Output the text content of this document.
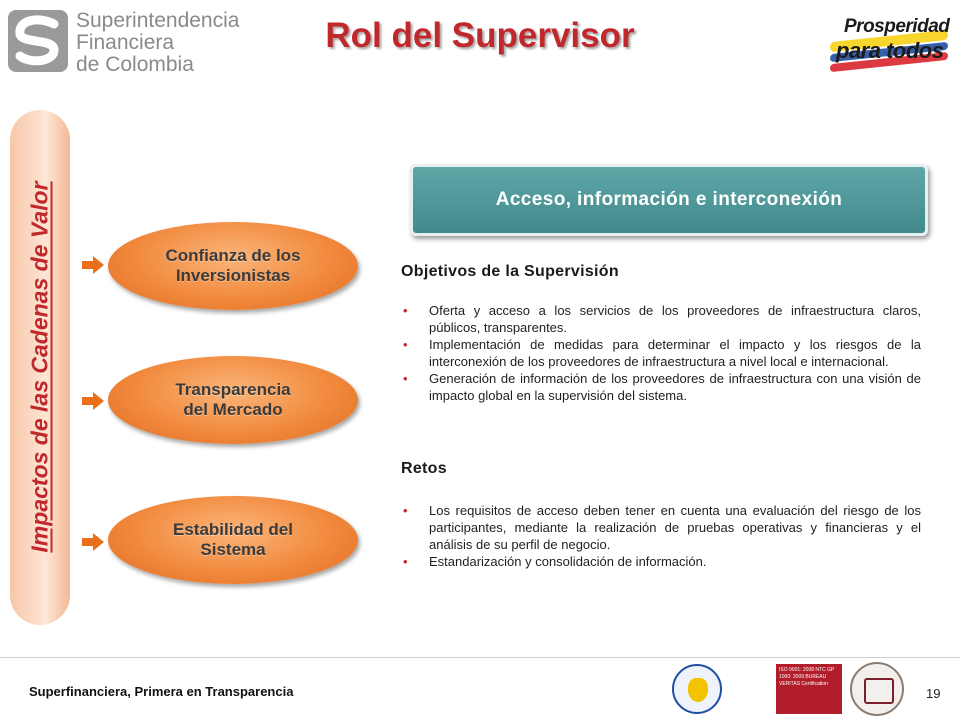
Superintendencia
Financiera
de Colombia
Rol del Supervisor	Prosperidad
para todos
Impactos de las Cadenas de Valor	Confianza de los
Inversionistas
Transparencia
del Mercado
Estabilidad del
Sistema
Acceso, información e interconexión
Objetivos de la Supervisión
• Oferta y acceso a los servicios de los proveedores de infraestructura claros, públicos, transparentes.
• Implementación de medidas para determinar el impacto y los riesgos de la interconexión de los proveedores de infraestructura a nivel local e internacional.
• Generación de información de los proveedores de infraestructura con una visión de impacto global en la supervisión del sistema.
Retos
• Los requisitos de acceso deben tener en cuenta una evaluación del riesgo de los participantes, mediante la realización de pruebas operativas y financieras y el análisis de su perfil de negocio.
• Estandarización y consolidación de información.
Superfinanciera, Primera en Transparencia
ISO 9001: 2008 NTC GP 1000: 2009 BUREAU VERITAS Certification
19
